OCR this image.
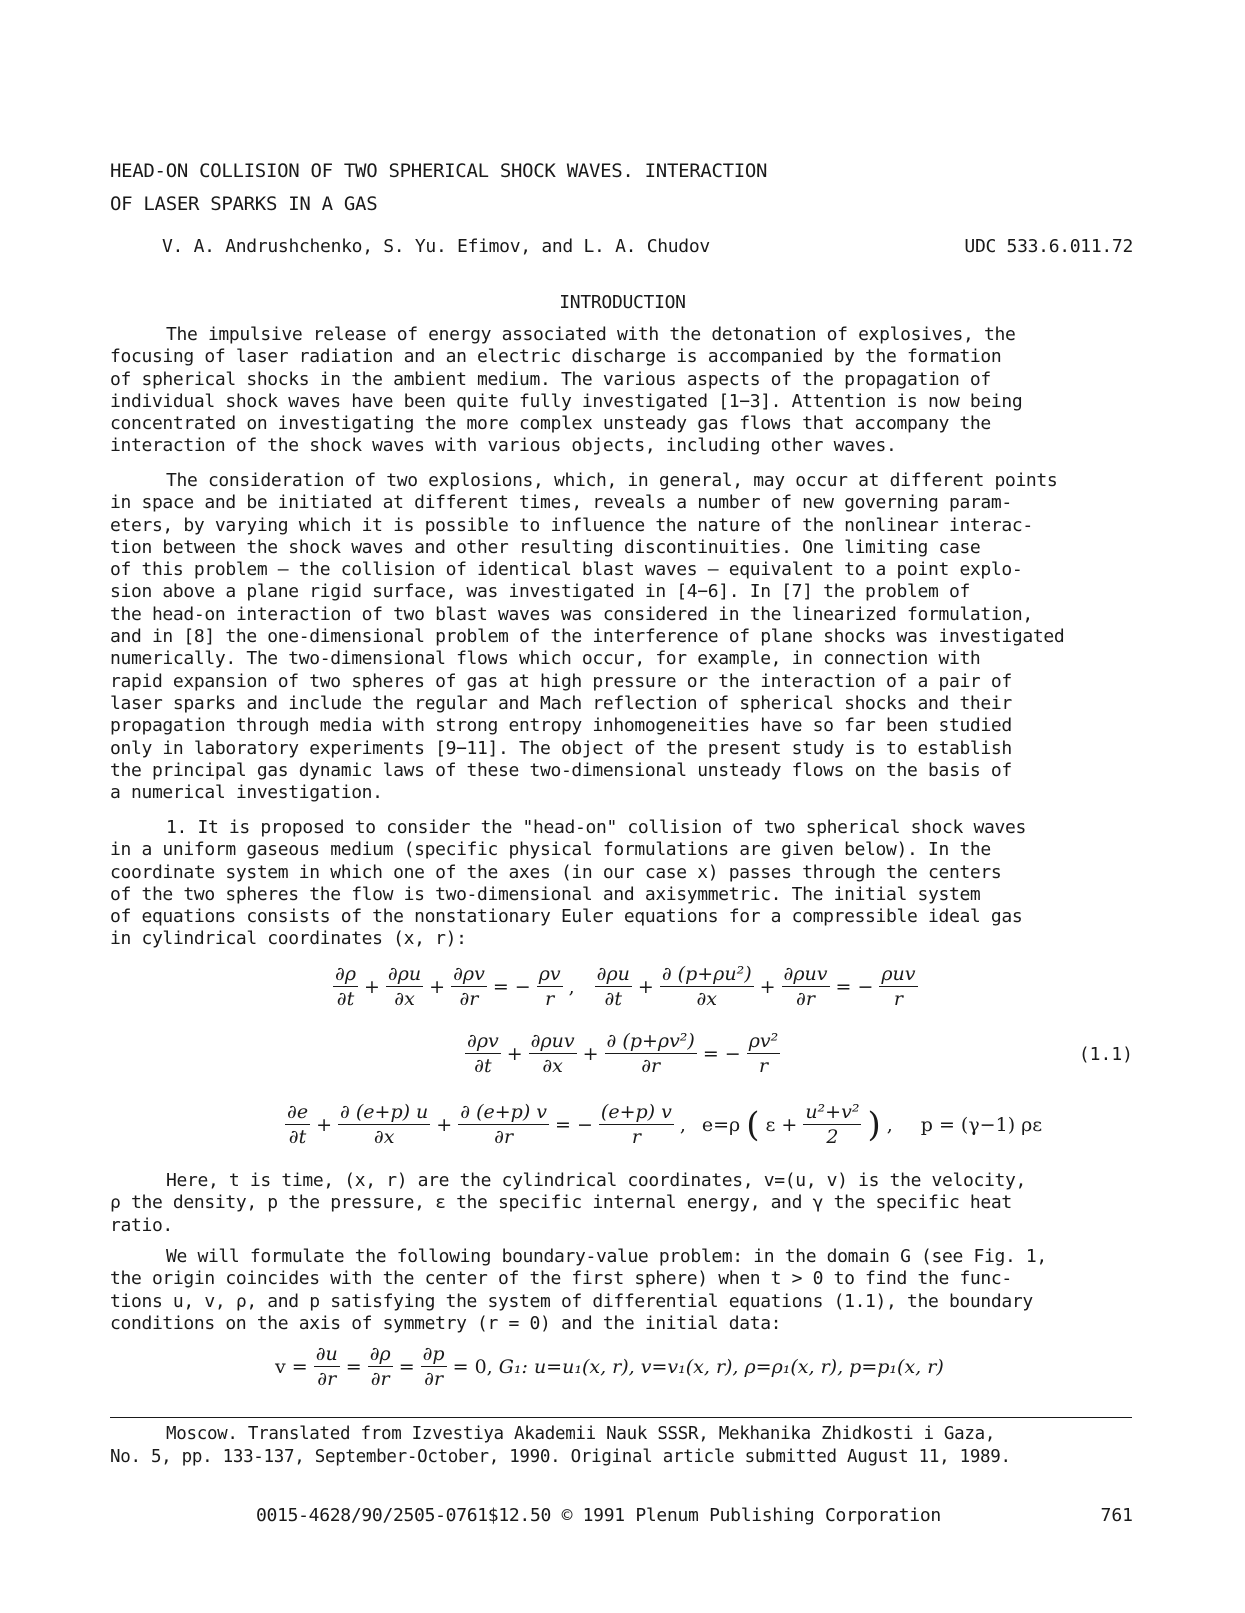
HEAD-ON COLLISION OF TWO SPHERICAL SHOCK WAVES. INTERACTION
OF LASER SPARKS IN A GAS
V. A. Andrushchenko, S. Yu. Efimov, and L. A. Chudov	UDC 533.6.011.72
INTRODUCTION
The impulsive release of energy associated with the detonation of explosives, the
focusing of laser radiation and an electric discharge is accompanied by the formation
of spherical shocks in the ambient medium. The various aspects of the propagation of
individual shock waves have been quite fully investigated [1−3]. Attention is now being
concentrated on investigating the more complex unsteady gas flows that accompany the
interaction of the shock waves with various objects, including other waves.
The consideration of two explosions, which, in general, may occur at different points
in space and be initiated at different times, reveals a number of new governing param-
eters, by varying which it is possible to influence the nature of the nonlinear interac-
tion between the shock waves and other resulting discontinuities. One limiting case
of this problem — the collision of identical blast waves — equivalent to a point explo-
sion above a plane rigid surface, was investigated in [4−6]. In [7] the problem of
the head-on interaction of two blast waves was considered in the linearized formulation,
and in [8] the one-dimensional problem of the interference of plane shocks was investigated
numerically. The two-dimensional flows which occur, for example, in connection with
rapid expansion of two spheres of gas at high pressure or the interaction of a pair of
laser sparks and include the regular and Mach reflection of spherical shocks and their
propagation through media with strong entropy inhomogeneities have so far been studied
only in laboratory experiments [9−11]. The object of the present study is to establish
the principal gas dynamic laws of these two-dimensional unsteady flows on the basis of
a numerical investigation.
1. It is proposed to consider the "head-on" collision of two spherical shock waves
in a uniform gaseous medium (specific physical formulations are given below). In the
coordinate system in which one of the axes (in our case x) passes through the centers
of the two spheres the flow is two-dimensional and axisymmetric. The initial system
of equations consists of the nonstationary Euler equations for a compressible ideal gas
in cylindrical coordinates (x, r):
$\frac{\partial\rho}{\partial t} + \frac{\partial\rho u}{\partial x} + \frac{\partial\rho v}{\partial r}$ = − $\frac{\rho v}{r}$ , $\frac{\partial\rho u}{\partial t} + \frac{\text{∂ (p+ρu²)}}{\partial x} + \frac{\text{∂ρuv}}{\partial r}$ = − $\frac{\text{ρuv}}{r}$
$\frac{\partial\rho v}{\partial t} + \frac{\text{∂ρuv}}{\partial x} + \frac{\text{∂ (p+ρv²)}}{\partial r}$ = − $\frac{\text{ρv²}}{r}$	(1.1)
$\frac{\partial e}{\partial t} + \frac{\partial (e+p) u}{\partial x} + \frac{\partial (e+p) v}{\partial r}$ = − $\frac{(e+p) v}{r}$ , e=ρ ( $\varepsilon + \frac{\text{u²+v²}}{2}$ ) , p = (γ−1) ρε
Here, t is time, (x, r) are the cylindrical coordinates, v=(u, v) is the velocity,
ρ the density, p the pressure, ε the specific internal energy, and γ the specific heat
ratio.
We will formulate the following boundary-value problem: in the domain G (see Fig. 1,
the origin coincides with the center of the first sphere) when t > 0 to find the func-
tions u, v, ρ, and p satisfying the system of differential equations (1.1), the boundary
conditions on the axis of symmetry (r = 0) and the initial data:
$v = \frac{\partial u}{\partial r} = \frac{\partial\rho}{\partial r} = \frac{\partial p}{\partial r} = 0$, G₁: u=u₁(x, r), v=v₁(x, r), ρ=ρ₁(x, r), p=p₁(x, r)
Moscow. Translated from Izvestiya Akademii Nauk SSSR, Mekhanika Zhidkosti i Gaza,
No. 5, pp. 133-137, September-October, 1990. Original article submitted August 11, 1989.
0015-4628/90/2505-0761$12.50 © 1991 Plenum Publishing Corporation	761
